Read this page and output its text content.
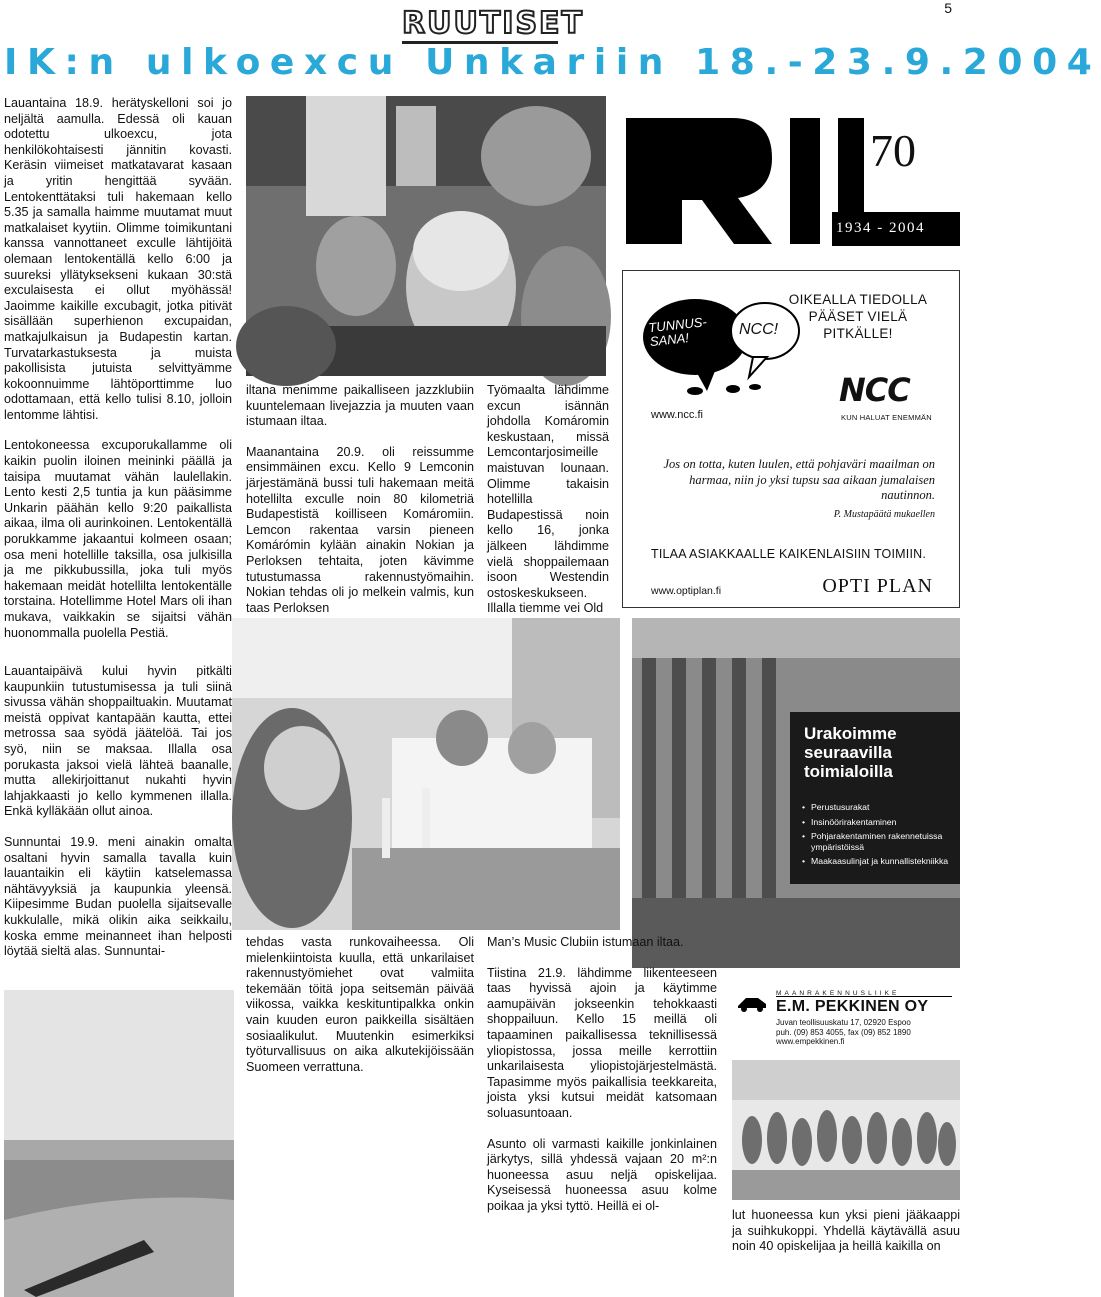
5
RUUTISET
IK:n ulkoexcu Unkariin 18.-23.9.2004

Lauantaina 18.9. herätyskelloni soi jo neljältä aamulla. Edessä oli kauan odotettu ulkoexcu, jota henkilökohtaisesti jännitin kovasti. Keräsin viimeiset matkatavarat kasaan ja yritin hengittää syvään. Lentokenttätaksi tuli hakemaan kello 5.35 ja samalla haimme muutamat muut matkalaiset kyytiin. Olimme toimikuntani kanssa vannottaneet exculle lähtijöitä olemaan lentokentällä kello 6:00 ja suureksi yllätyksekseni kukaan 30:stä exculaisesta ei ollut myöhässä! Jaoimme kaikille excubagit, jotka pitivät sisällään superhienon excupaidan, matkajulkaisun ja Budapestin kartan. Turvatarkastuksesta ja muista pakollisista jutuista selvittyämme kokoonnuimme lähtöporttimme luo odottamaan, että kello tulisi 8.10, jolloin lentomme lähtisi.

Lentokoneessa excuporukallamme oli kaikin puolin iloinen meininki päällä ja taisipa muutamat vähän laulellakin. Lento kesti 2,5 tuntia ja kun pääsimme Unkarin päähän kello 9:20 paikallista aikaa, ilma oli aurinkoinen. Lentokentällä porukkamme jakaantui kolmeen osaan; osa meni hotellille taksilla, osa julkisilla ja me pikkubussilla, joka tuli myös hakemaan meidät hotellilta lentokentälle torstaina. Hotellimme Hotel Mars oli ihan mukava, vaikkakin se sijaitsi vähän huonommalla puolella Pestiä.

Lauantaipäivä kului hyvin pitkälti kaupunkiin tutustumisessa ja tuli siinä sivussa vähän shoppailtuakin. Muutamat meistä oppivat kantapään kautta, ettei metrossa saa syödä jäätelöä. Tai jos syö, niin se maksaa. Illalla osa porukasta jaksoi vielä lähteä baanalle, mutta allekirjoittanut nukahti hyvin lahjakkaasti jo kello kymmenen illalla. Enkä kylläkään ollut ainoa.

Sunnuntai 19.9. meni ainakin omalta osaltani hyvin samalla tavalla kuin lauantaikin eli käytiin katselemassa nähtävyyksiä ja kaupunkia yleensä. Kiipesimme Budan puolella sijaitsevalle kukkulalle, mikä olikin aika seikkailu, koska emme meinanneet ihan helposti löytää sieltä alas. Sunnuntai-

iltana menimme paikalliseen jazzklubiin kuuntelemaan livejazzia ja muuten vaan istumaan iltaa.

Maanantaina 20.9. oli reissumme ensimmäinen excu. Kello 9 Lemconin järjestämänä bussi tuli hakemaan meitä hotellilta exculle noin 80 kilometriä Budapestistä koilliseen Komáromiin. Lemcon rakentaa varsin pieneen Komárómin kylään ainakin Nokian ja Perloksen tehtaita, joten kävimme tutustumassa rakennustyömaihin. Nokian tehdas oli jo melkein valmis, kun taas Perloksen

Työmaalta lähdimme excun isännän johdolla Komáromin keskustaan, missä Lemcontarjosimeille maistuvan lounaan. Olimme takaisin hotellilla Budapestissä noin kello 16, jonka jälkeen lähdimme vielä shoppailemaan isoon Westendin ostoskeskukseen. Illalla tiemme vei Old

70
1934 - 2004
TUNNUS-SANA!
NCC!
OIKEALLA TIEDOLLA PÄÄSET VIELÄ PITKÄLLE!
www.ncc.fi
NCC
KUN HALUAT ENEMMÄN
Jos on totta, kuten luulen, että pohjaväri maailman on harmaa, niin jo yksi tupsu saa aikaan jumalaisen nautinnon.
P. Mustapäätä mukaellen
TILAA ASIAKKAALLE KAIKENLAISIIN TOIMIIN.
www.optiplan.fi	OPTI PLAN
Urakoimme seuraavilla toimialoilla
• Perustusurakat
• Insinöörirakentaminen
• Pohjarakentaminen rakennetuissa ympäristöissä
• Maakaasulinjat ja kunnallistekniikka

tehdas vasta runkovaiheessa. Oli mielenkiintoista kuulla, että unkarilaiset rakennustyömiehet ovat valmiita tekemään töitä jopa seitsemän päivää viikossa, vaikka keskituntipalkka onkin vain kuuden euron paikkeilla sisältäen sosiaalikulut. Muutenkin esimerkiksi työturvallisuus on aika alkutekijöissään Suomeen verrattuna.

Man’s Music Clubiin istumaan iltaa.

Tiistina 21.9. lähdimme liikenteeseen taas hyvissä ajoin ja käytimme aamupäivän jokseenkin tehokkaasti shoppailuun. Kello 15 meillä oli tapaaminen paikallisessa teknillisessä yliopistossa, jossa meille kerrottiin unkarilaisesta yliopistojärjestelmästä. Tapasimme myös paikallisia teekkareita, joista yksi kutsui meidät katsomaan soluasuntoaan.

Asunto oli varmasti kaikille jonkinlainen järkytys, sillä yhdessä vajaan 20 m²:n huoneessa asuu neljä opiskelijaa. Kyseisessä huoneessa asuu kolme poikaa ja yksi tyttö. Heillä ei ol-

MAANRAKENNUSLIIKE
E.M. PEKKINEN OY
Juvan teollisuuskatu 17, 02920 Espoo
puh. (09) 853 4055, fax (09) 852 1890
www.empekkinen.fi

lut huoneessa kun yksi pieni jääkaappi ja suihkukoppi. Yhdellä käytävällä asuu noin 40 opiskelijaa ja heillä kaikilla on
